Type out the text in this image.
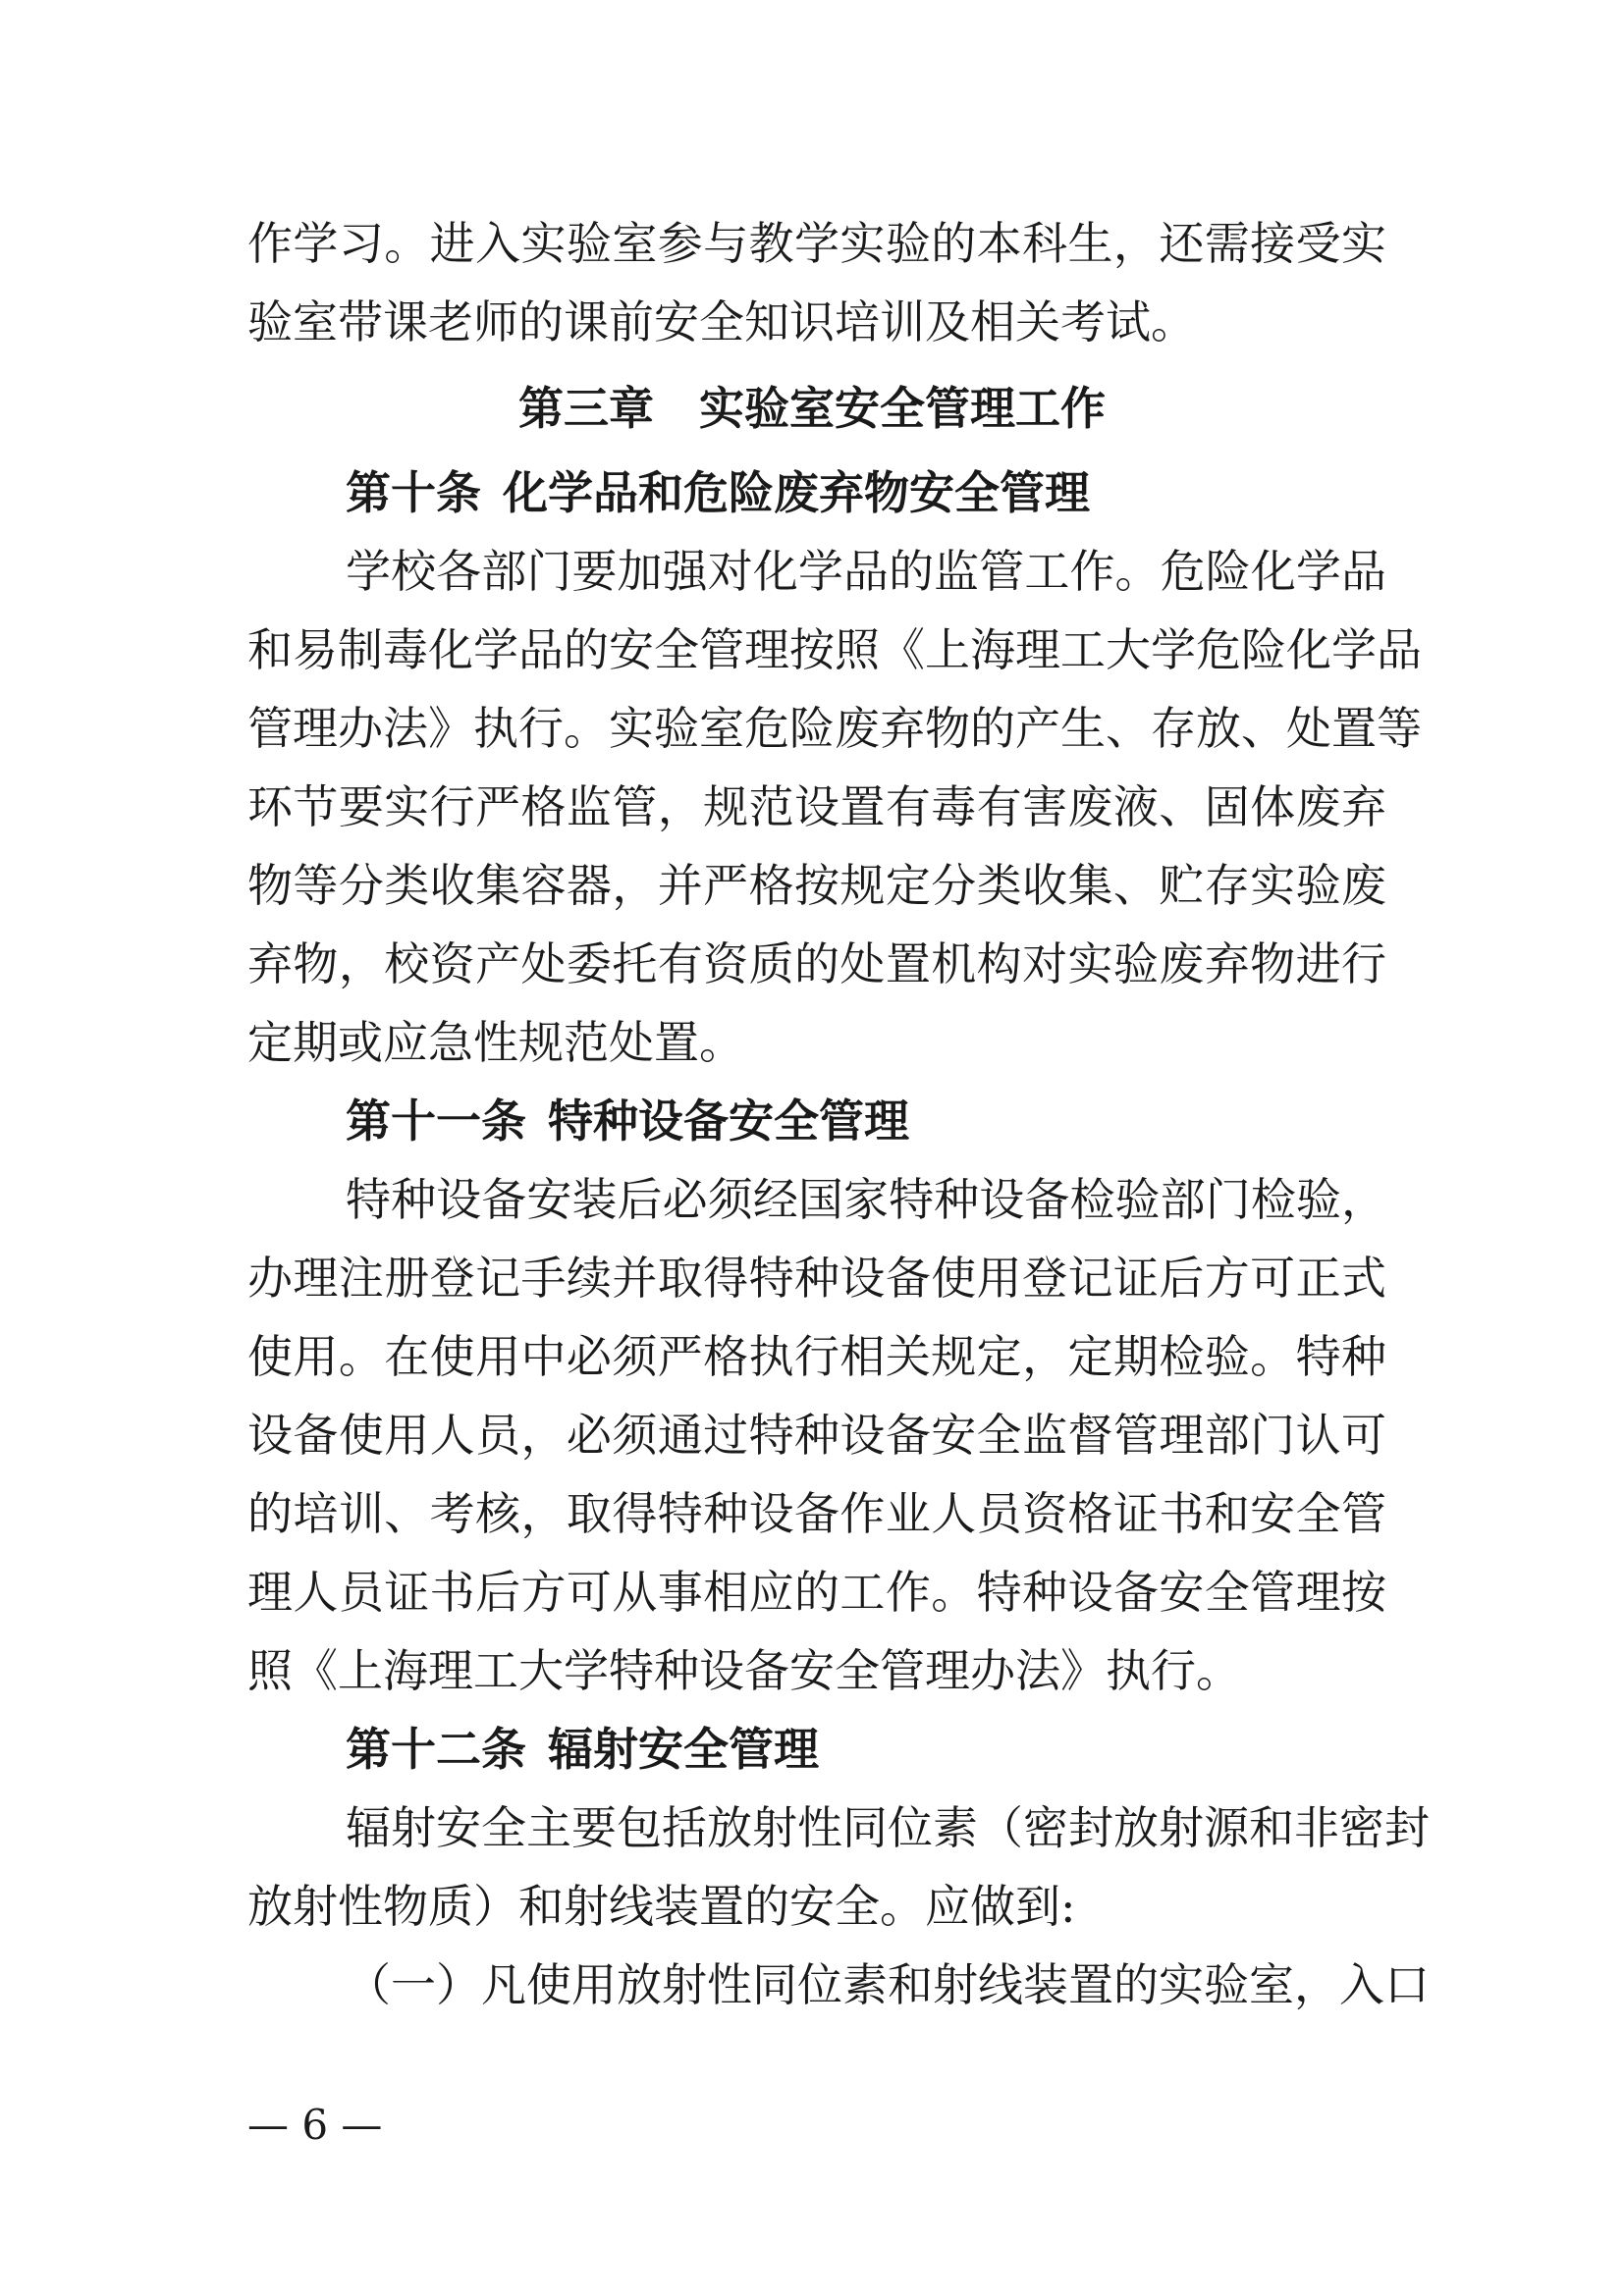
作学习。进入实验室参与教学实验的本科生，还需接受实
验室带课老师的课前安全知识培训及相关考试。
第三章　实验室安全管理工作
第十条 化学品和危险废弃物安全管理
学校各部门要加强对化学品的监管工作。危险化学品
和易制毒化学品的安全管理按照《上海理工大学危险化学品
管理办法》执行。实验室危险废弃物的产生、存放、处置等
环节要实行严格监管，规范设置有毒有害废液、固体废弃
物等分类收集容器，并严格按规定分类收集、贮存实验废
弃物，校资产处委托有资质的处置机构对实验废弃物进行
定期或应急性规范处置。
第十一条 特种设备安全管理
特种设备安装后必须经国家特种设备检验部门检验，
办理注册登记手续并取得特种设备使用登记证后方可正式
使用。在使用中必须严格执行相关规定，定期检验。特种
设备使用人员，必须通过特种设备安全监督管理部门认可
的培训、考核，取得特种设备作业人员资格证书和安全管
理人员证书后方可从事相应的工作。特种设备安全管理按
照《上海理工大学特种设备安全管理办法》执行。
第十二条 辐射安全管理
辐射安全主要包括放射性同位素（密封放射源和非密封
放射性物质）和射线装置的安全。应做到:
（一）凡使用放射性同位素和射线装置的实验室，入口
— 6 —
